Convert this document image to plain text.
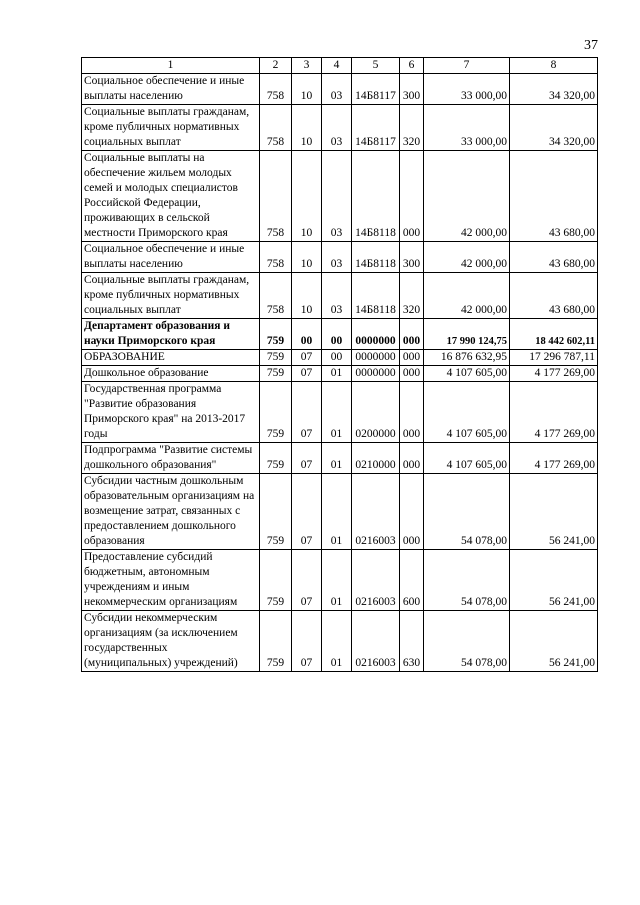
37
1	2	3	4	5	6	7	8
Социальное обеспечение и иные выплаты населению	758	10	03	14Б8117	300	33 000,00	34 320,00
Социальные выплаты гражданам, кроме публичных нормативных социальных выплат	758	10	03	14Б8117	320	33 000,00	34 320,00
Социальные выплаты на обеспечение жильем молодых семей и молодых специалистов Российской Федерации, проживающих в сельской местности Приморского края	758	10	03	14Б8118	000	42 000,00	43 680,00
Социальное обеспечение и иные выплаты населению	758	10	03	14Б8118	300	42 000,00	43 680,00
Социальные выплаты гражданам, кроме публичных нормативных социальных выплат	758	10	03	14Б8118	320	42 000,00	43 680,00
Департамент образования и науки Приморского края	759	00	00	0000000	000	17 990 124,75	18 442 602,11
ОБРАЗОВАНИЕ	759	07	00	0000000	000	16 876 632,95	17 296 787,11
Дошкольное образование	759	07	01	0000000	000	4 107 605,00	4 177 269,00
Государственная программа "Развитие образования Приморского края" на 2013-2017 годы	759	07	01	0200000	000	4 107 605,00	4 177 269,00
Подпрограмма "Развитие системы дошкольного образования"	759	07	01	0210000	000	4 107 605,00	4 177 269,00
Субсидии частным дошкольным образовательным организациям на возмещение затрат, связанных с предоставлением дошкольного образования	759	07	01	0216003	000	54 078,00	56 241,00
Предоставление субсидий бюджетным, автономным учреждениям и иным некоммерческим организациям	759	07	01	0216003	600	54 078,00	56 241,00
Субсидии некоммерческим организациям (за исключением государственных (муниципальных) учреждений)	759	07	01	0216003	630	54 078,00	56 241,00
